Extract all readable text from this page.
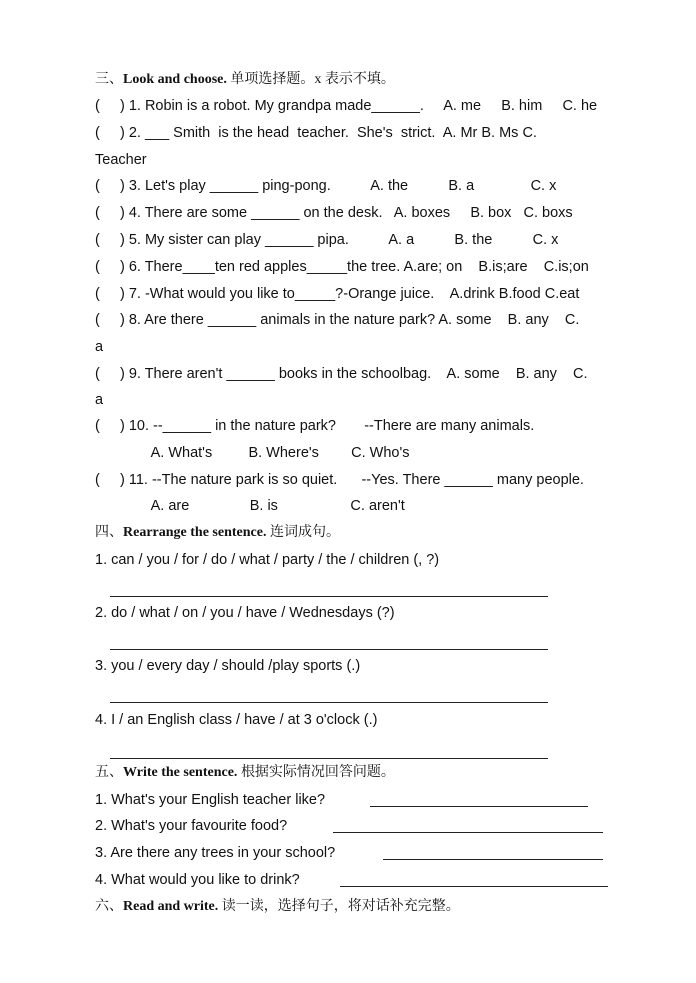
三、Look and choose. 单项选择题。x 表示不填。
(     ) 1. Robin is a robot. My grandpa made______.     A. me     B. him     C. he
(     ) 2. ___ Smith  is the head  teacher.  She's  strict.  A. Mr B. Ms C.
Teacher
(     ) 3. Let's play ______ ping-pong.          A. the          B. a              C. x
(     ) 4. There are some ______ on the desk.   A. boxes     B. box   C. boxs
(     ) 5. My sister can play ______ pipa.          A. a          B. the          C. x
(     ) 6. There____ten red apples_____the tree. A.are; on    B.is;are    C.is;on
(     ) 7. -What would you like to_____?-Orange juice.    A.drink B.food C.eat
(     ) 8. Are there ______ animals in the nature park? A. some    B. any    C.
a
(     ) 9. There aren't ______ books in the schoolbag.    A. some    B. any    C.
a
(     ) 10. --______ in the nature park?       --There are many animals.
A. What's         B. Where's        C. Who's
(     ) 11. --The nature park is so quiet.      --Yes. There ______ many people.
A. are               B. is                  C. aren't
四、Rearrange the sentence. 连词成句。
1. can / you / for / do / what / party / the / children (, ?)
2. do / what / on / you / have / Wednesdays (?)
3. you / every day / should /play sports (.)
4. I / an English class / have / at 3 o'clock (.)
五、Write the sentence. 根据实际情况回答问题。
1. What's your English teacher like?
2. What's your favourite food?
3. Are there any trees in your school?
4. What would you like to drink?
六、Read and write. 读一读，选择句子，将对话补充完整。
